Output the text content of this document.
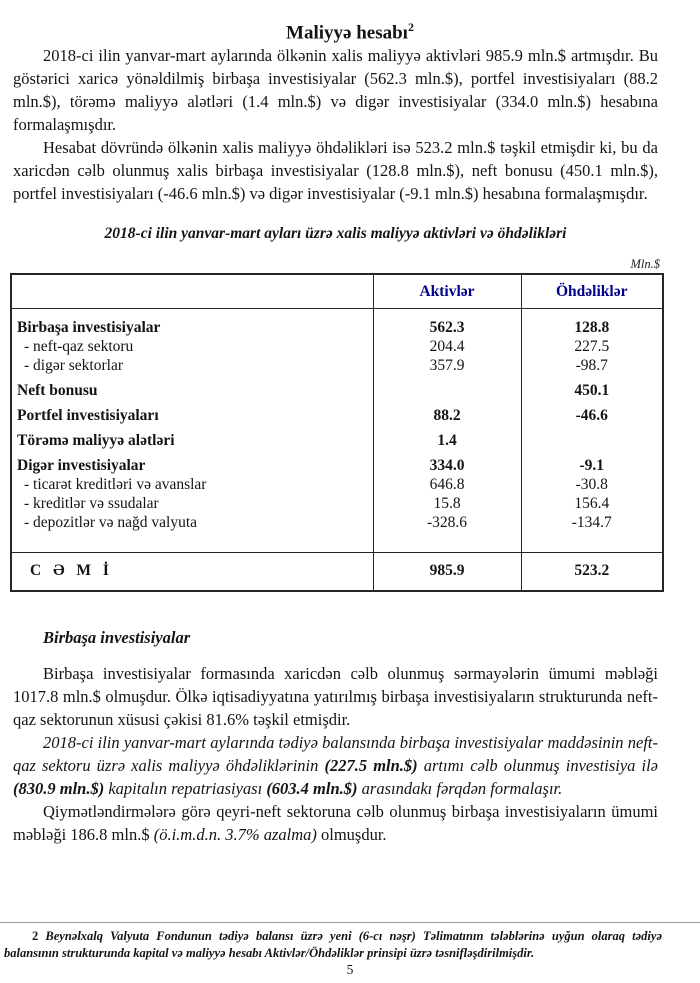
Maliyyə hesabı$^2$

2018-ci ilin yanvar-mart aylarında ölkənin xalis maliyyə aktivləri 985.9 mln.$ artmışdır. Bu göstərici xaricə yönəldilmiş birbaşa investisiyalar (562.3 mln.$), portfel investisiyaları (88.2 mln.$), törəmə maliyyə alətləri (1.4 mln.$) və digər investisiyalar (334.0 mln.$) hesabına formalaşmışdır.

Hesabat dövründə ölkənin xalis maliyyə öhdəlikləri isə 523.2 mln.$ təşkil etmişdir ki, bu da xaricdən cəlb olunmuş xalis birbaşa investisiyalar (128.8 mln.$), neft bonusu (450.1 mln.$), portfel investisiyaları (-46.6 mln.$) və digər investisiyalar (-9.1 mln.$) hesabına formalaşmışdır.

2018-ci ilin yanvar-mart ayları üzrə xalis maliyyə aktivləri və öhdəlikləri
Mln.$
	Aktivlər	Öhdəliklər
Birbaşa investisiyalar	562.3	128.8
- neft-qaz sektoru	204.4	227.5
- digər sektorlar	357.9	-98.7
Neft bonusu		450.1
Portfel investisiyaları	88.2	-46.6
Törəmə maliyyə alətləri	1.4	
Digər investisiyalar	334.0	-9.1
- ticarət kreditləri və avanslar	646.8	-30.8
- kreditlər və ssudalar	15.8	156.4
- depozitlər və nağd valyuta	-328.6	-134.7
C Ə M İ	985.9	523.2
Birbaşa investisiyalar

Birbaşa investisiyalar formasında xaricdən cəlb olunmuş sərmayələrin ümumi məbləği 1017.8 mln.$ olmuşdur. Ölkə iqtisadiyyatına yatırılmış birbaşa investisiyaların strukturunda neft-qaz sektorunun xüsusi çəkisi 81.6% təşkil etmişdir.

2018-ci ilin yanvar-mart aylarında tədiyə balansında birbaşa investisiyalar maddəsinin neft-qaz sektoru üzrə xalis maliyyə öhdəliklərinin (227.5 mln.$) artımı cəlb olunmuş investisiya ilə (830.9 mln.$) kapitalın repatriasiyası (603.4 mln.$) arasındakı fərqdən formalaşır.

Qiymətləndirmələrə görə qeyri-neft sektoruna cəlb olunmuş birbaşa investisiyaların ümumi məbləği 186.8 mln.$ (ö.i.m.d.n. 3.7% azalma) olmuşdur.

2 Beynəlxalq Valyuta Fondunun tədiyə balansı üzrə yeni (6-cı nəşr) Təlimatının tələblərinə uyğun olaraq tədiyə balansının strukturunda kapital və maliyyə hesabı Aktivlər/Öhdəliklər prinsipi üzrə təsnifləşdirilmişdir.
5
